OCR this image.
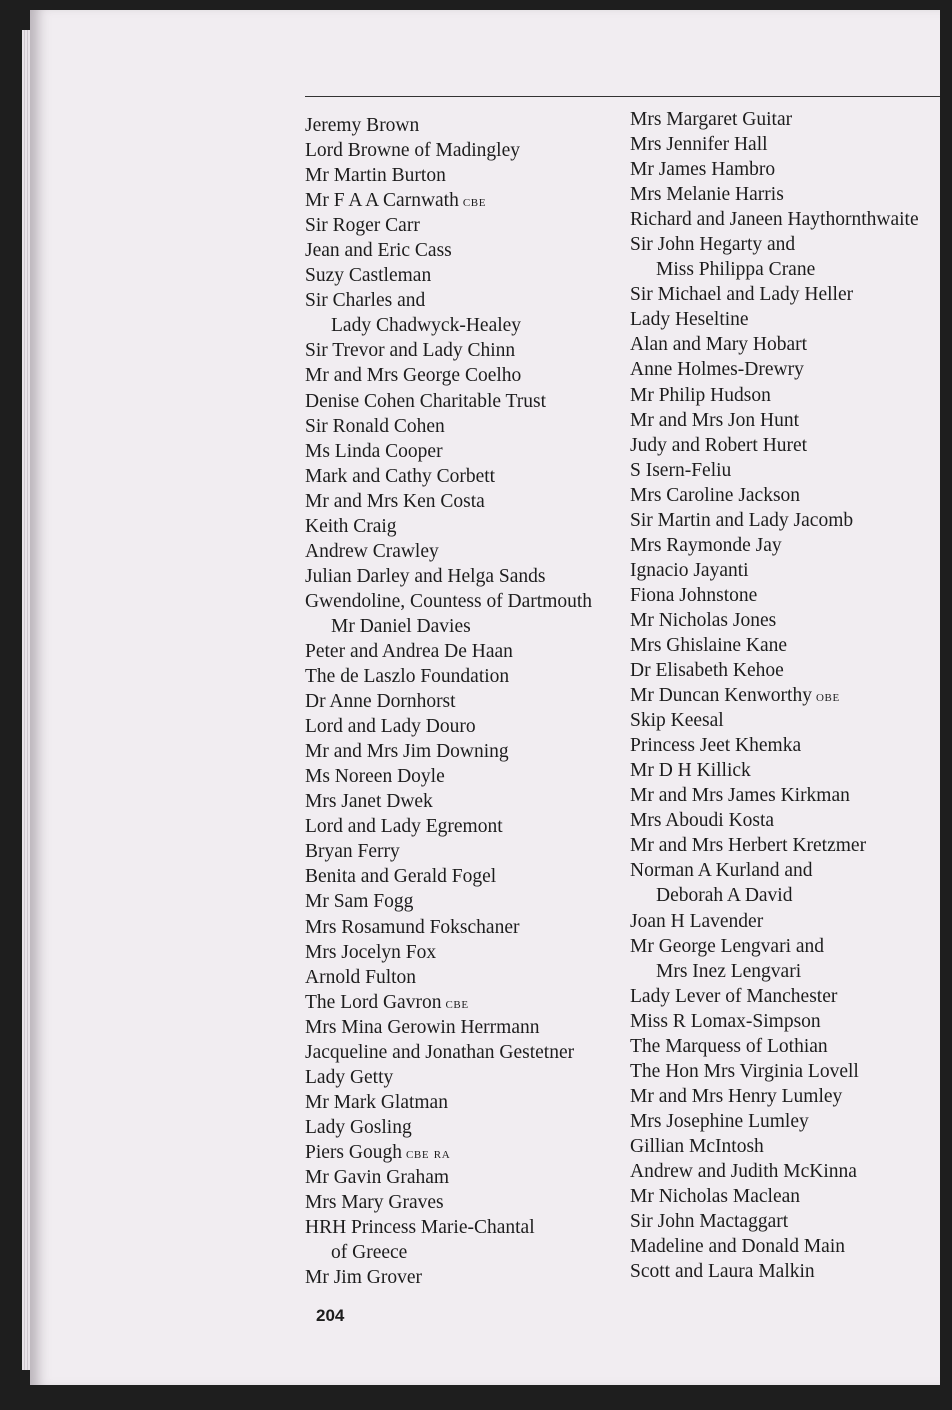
Jeremy Brown
Lord Browne of Madingley
Mr Martin Burton
Mr F A A Carnwath cbe
Sir Roger Carr
Jean and Eric Cass
Suzy Castleman
Sir Charles and
Lady Chadwyck-Healey
Sir Trevor and Lady Chinn
Mr and Mrs George Coelho
Denise Cohen Charitable Trust
Sir Ronald Cohen
Ms Linda Cooper
Mark and Cathy Corbett
Mr and Mrs Ken Costa
Keith Craig
Andrew Crawley
Julian Darley and Helga Sands
Gwendoline, Countess of Dartmouth
Mr Daniel Davies
Peter and Andrea De Haan
The de Laszlo Foundation
Dr Anne Dornhorst
Lord and Lady Douro
Mr and Mrs Jim Downing
Ms Noreen Doyle
Mrs Janet Dwek
Lord and Lady Egremont
Bryan Ferry
Benita and Gerald Fogel
Mr Sam Fogg
Mrs Rosamund Fokschaner
Mrs Jocelyn Fox
Arnold Fulton
The Lord Gavron cbe
Mrs Mina Gerowin Herrmann
Jacqueline and Jonathan Gestetner
Lady Getty
Mr Mark Glatman
Lady Gosling
Piers Gough cbe ra
Mr Gavin Graham
Mrs Mary Graves
HRH Princess Marie-Chantal
of Greece
Mr Jim Grover
Mrs Margaret Guitar
Mrs Jennifer Hall
Mr James Hambro
Mrs Melanie Harris
Richard and Janeen Haythornthwaite
Sir John Hegarty and
Miss Philippa Crane
Sir Michael and Lady Heller
Lady Heseltine
Alan and Mary Hobart
Anne Holmes-Drewry
Mr Philip Hudson
Mr and Mrs Jon Hunt
Judy and Robert Huret
S Isern-Feliu
Mrs Caroline Jackson
Sir Martin and Lady Jacomb
Mrs Raymonde Jay
Ignacio Jayanti
Fiona Johnstone
Mr Nicholas Jones
Mrs Ghislaine Kane
Dr Elisabeth Kehoe
Mr Duncan Kenworthy obe
Skip Keesal
Princess Jeet Khemka
Mr D H Killick
Mr and Mrs James Kirkman
Mrs Aboudi Kosta
Mr and Mrs Herbert Kretzmer
Norman A Kurland and
Deborah A David
Joan H Lavender
Mr George Lengvari and
Mrs Inez Lengvari
Lady Lever of Manchester
Miss R Lomax-Simpson
The Marquess of Lothian
The Hon Mrs Virginia Lovell
Mr and Mrs Henry Lumley
Mrs Josephine Lumley
Gillian McIntosh
Andrew and Judith McKinna
Mr Nicholas Maclean
Sir John Mactaggart
Madeline and Donald Main
Scott and Laura Malkin
204
